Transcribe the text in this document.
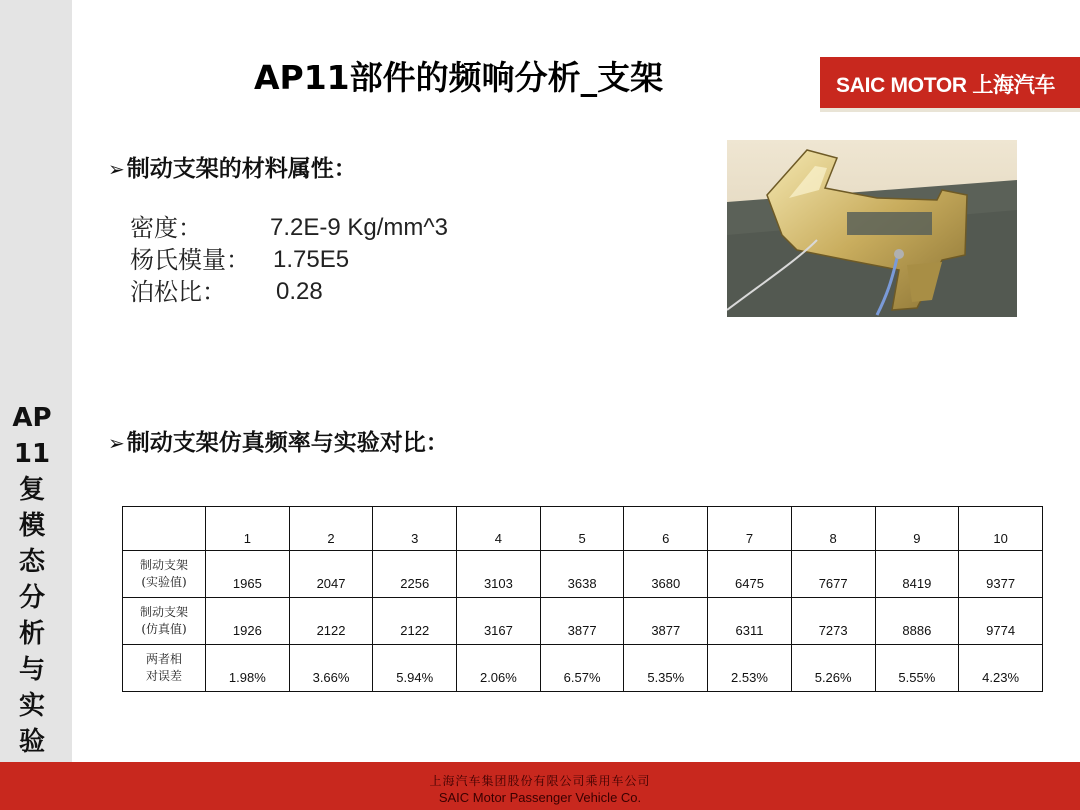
AP
11
复
模
态
分
析
与
实
验
AP11部件的频响分析_支架	SAIC MOTOR 上海汽车
➢制动支架的材料属性：
密度：	7.2E-9 Kg/mm^3
杨氏模量： 1.75E5
泊松比： 0.28
➢制动支架仿真频率与实验对比：
	1	2	3	4	5	6	7	8	9	10
制动支架
(实验值)	1965	2047	2256	3103	3638	3680	6475	7677	8419	9377
制动支架
(仿真值)	1926	2122	2122	3167	3877	3877	6311	7273	8886	9774
两者相
对误差	1.98%	3.66%	5.94%	2.06%	6.57%	5.35%	2.53%	5.26%	5.55%	4.23%
上海汽车集团股份有限公司乘用车公司
SAIC Motor Passenger Vehicle Co.
